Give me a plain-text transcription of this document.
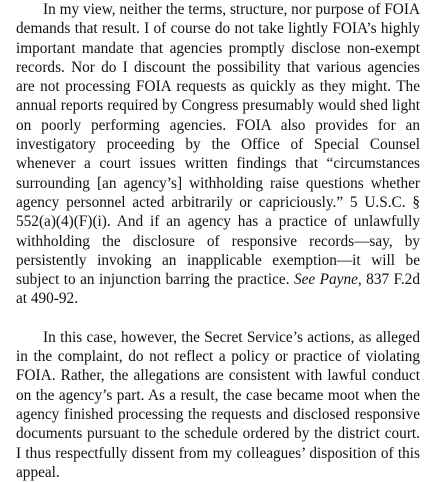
In my view, neither the terms, structure, nor purpose of FOIA demands that result. I of course do not take lightly FOIA’s highly important mandate that agencies promptly disclose non-exempt records. Nor do I discount the possibility that various agencies are not processing FOIA requests as quickly as they might. The annual reports required by Congress presumably would shed light on poorly performing agencies. FOIA also provides for an investigatory proceeding by the Office of Special Counsel whenever a court issues written findings that “circumstances surrounding [an agency’s] withholding raise questions whether agency personnel acted arbitrarily or capriciously.” 5 U.S.C. § 552(a)(4)(F)(i). And if an agency has a practice of unlawfully withholding the disclosure of responsive records—say, by persistently invoking an inapplicable exemption—it will be subject to an injunction barring the practice. See Payne, 837 F.2d at 490-92.

In this case, however, the Secret Service’s actions, as alleged in the complaint, do not reflect a policy or practice of violating FOIA. Rather, the allegations are consistent with lawful conduct on the agency’s part. As a result, the case became moot when the agency finished processing the requests and disclosed responsive documents pursuant to the schedule ordered by the district court. I thus respectfully dissent from my colleagues’ disposition of this appeal.
